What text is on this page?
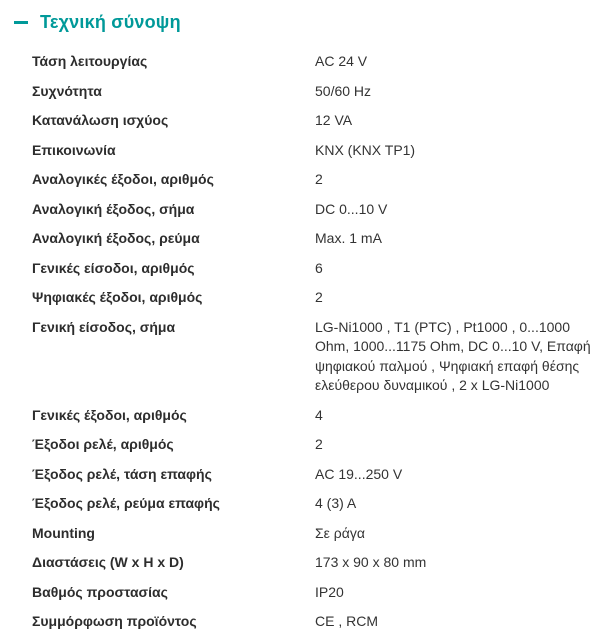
Τεχνική σύνοψη
Τάση λειτουργίας	AC 24 V
Συχνότητα	50/60 Hz
Κατανάλωση ισχύος	12 VA
Επικοινωνία	KNX (KNX TP1)
Αναλογικές έξοδοι, αριθμός	2
Αναλογική έξοδος, σήμα	DC 0...10 V
Αναλογική έξοδος, ρεύμα	Max. 1 mA
Γενικές είσοδοι, αριθμός	6
Ψηφιακές έξοδοι, αριθμός	2
Γενική είσοδος, σήμα	LG-Ni1000 , T1 (PTC) , Pt1000 , 0...1000 Ohm, 1000...1175 Ohm, DC 0...10 V, Επαφή ψηφιακού παλμού , Ψηφιακή επαφή θέσης ελεύθερου δυναμικού , 2 x LG-Ni1000
Γενικές έξοδοι, αριθμός	4
Έξοδοι ρελέ, αριθμός	2
Έξοδος ρελέ, τάση επαφής	AC 19...250 V
Έξοδος ρελέ, ρεύμα επαφής	4 (3) A
Mounting	Σε ράγα
Διαστάσεις (W x H x D)	173 x 90 x 80 mm
Βαθμός προστασίας	IP20
Συμμόρφωση προϊόντος	CE , RCM
